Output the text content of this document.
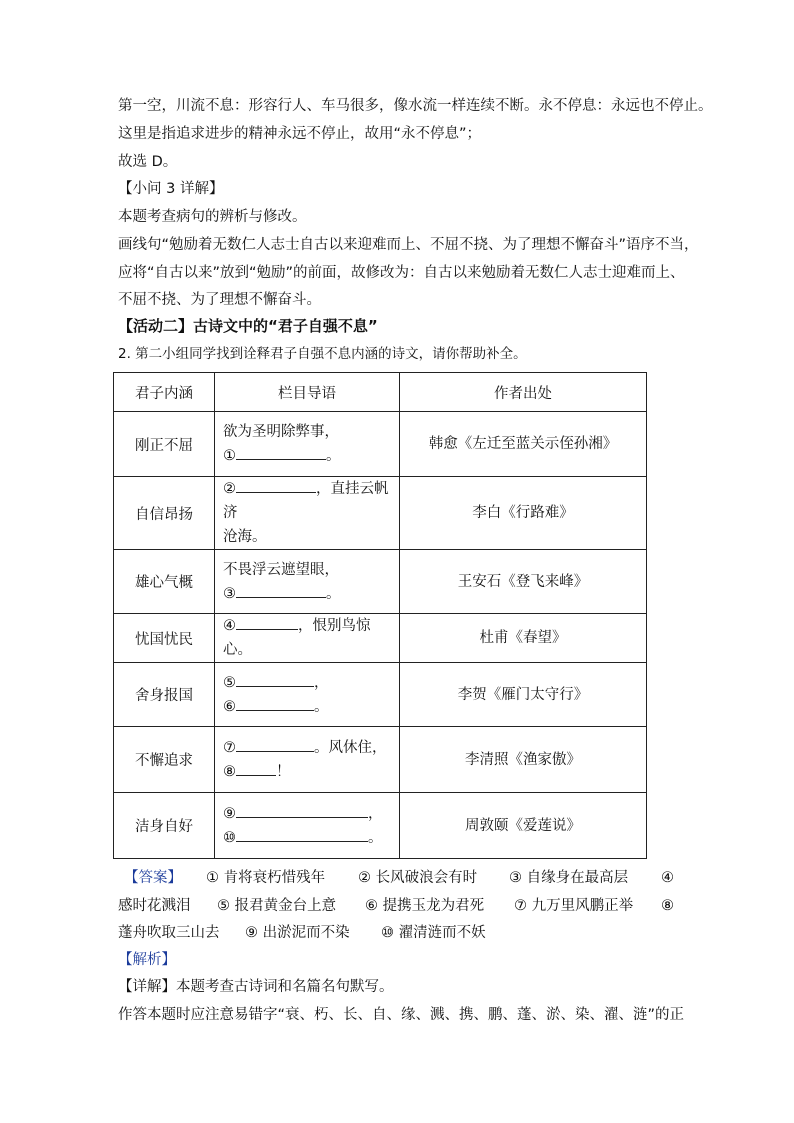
第一空，川流不息：形容行人、车马很多，像水流一样连续不断。永不停息：永远也不停止。
这里是指追求进步的精神永远不停止，故用“永不停息”；
故选 D。
【小问 3 详解】
本题考查病句的辨析与修改。
画线句“勉励着无数仁人志士自古以来迎难而上、不屈不挠、为了理想不懈奋斗”语序不当，
应将“自古以来”放到“勉励”的前面，故修改为：自古以来勉励着无数仁人志士迎难而上、
不屈不挠、为了理想不懈奋斗。
【活动二】古诗文中的“君子自强不息”
2. 第二小组同学找到诠释君子自强不息内涵的诗文，请你帮助补全。
君子内涵	栏目导语	作者出处
刚正不屈	欲为圣明除弊事，
① 。	韩愈《左迁至蓝关示侄孙湘》
自信昂扬	② ，直挂云帆济
沧海。	李白《行路难》
雄心气概	不畏浮云遮望眼，
③ 。	王安石《登飞来峰》
忧国忧民	④ ，恨别鸟惊心。	杜甫《春望》
舍身报国	⑤ ，
⑥ 。	李贺《雁门太守行》
不懈追求	⑦ 。风休住，
⑧ ！	李清照《渔家傲》
洁身自好	⑨ ，
⑩ 。	周敦颐《爱莲说》
【答案】 ① 肯将衰朽惜残年 ② 长风破浪会有时 ③ 自缘身在最高层 ④
感时花溅泪 ⑤ 报君黄金台上意 ⑥ 提携玉龙为君死 ⑦ 九万里风鹏正举 ⑧
蓬舟吹取三山去 ⑨ 出淤泥而不染 ⑩ 濯清涟而不妖
【解析】
【详解】本题考查古诗词和名篇名句默写。
作答本题时应注意易错字“衰、朽、长、自、缘、溅、携、鹏、蓬、淤、染、濯、涟”的正
